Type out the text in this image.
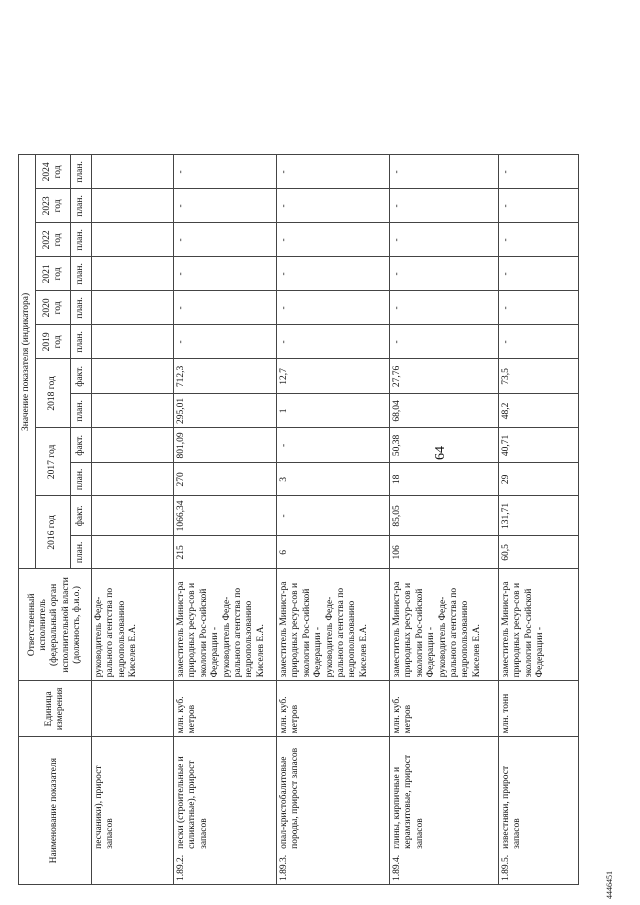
64
4446451
Наименование показателя		Единица измерения	Ответственный исполнитель (федеральный орган исполнительной власти (должность, ф.и.о.)	Значение показателя (индикатора)											
				2016 год		2017 год		2018 год		2019 год	2020 год	2021 год	2022 год	2023 год	2024 год
				план.	факт.	план.	факт.	план.	факт.	план.	план.	план.	план.	план.	план.
	песчаники), прирост запасов		руководитель Феде-рального агентства по недропользованию Киселев Е.А.												
1.89.2.	пески (строительные и силикатные), прирост запасов	млн. куб. метров	заместитель Минист-ра природных ресур-сов и экологии Рос-сийской Федерации - руководитель Феде-рального агентства по недропользованию Киселев Е.А.	215	1066,34	270	801,09	295,01	712,3	-	-	-	-	-	-
1.89.3.	опал-кристобалитовые породы, прирост запасов	млн. куб. метров	заместитель Минист-ра природных ресур-сов и экологии Рос-сийской Федерации - руководитель Феде-рального агентства по недропользованию Киселев Е.А.	6	-	3	-	1	12,7	-	-	-	-	-	-
1.89.4.	глины, кирпичные и керамзитовые, прирост запасов	млн. куб. метров	заместитель Минист-ра природных ресур-сов и экологии Рос-сийской Федерации - руководитель Феде-рального агентства по недропользованию Киселев Е.А.	106	85,05	18	50,38	68,04	27,76	-	-	-	-	-	-
1.89.5.	известняки, прирост запасов	млн. тонн	заместитель Минист-ра природных ресур-сов и экологии Рос-сийской Федерации -	60,5	131,71	29	40,71	48,2	73,5	-	-	-	-	-	-
